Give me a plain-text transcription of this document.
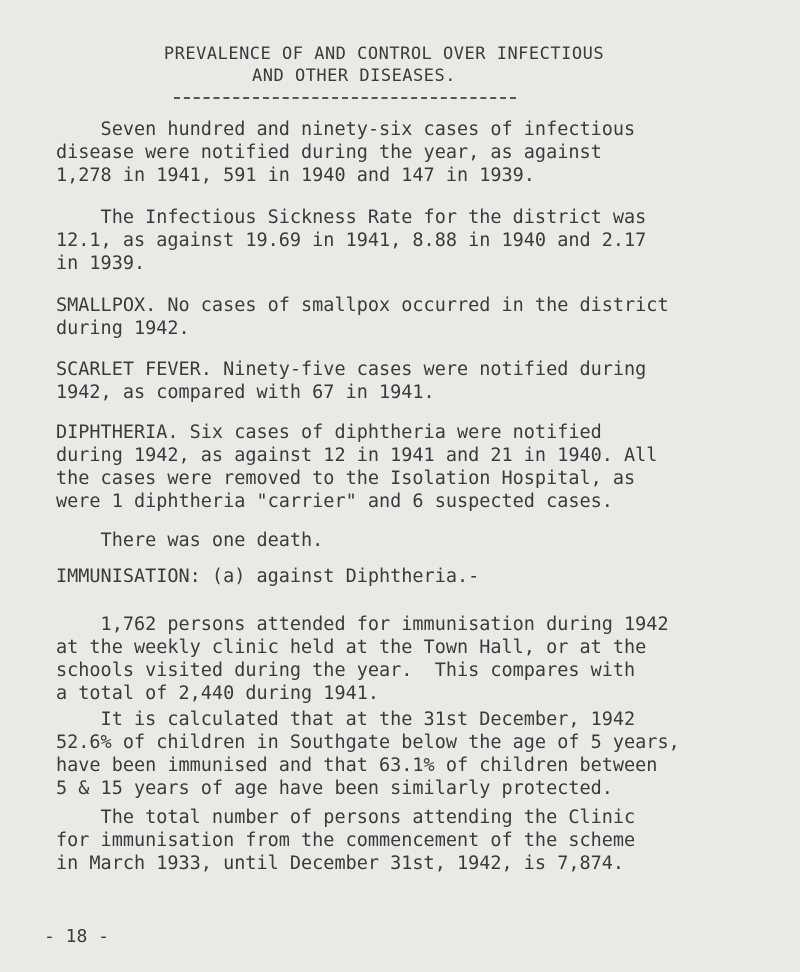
PREVALENCE OF AND CONTROL OVER INFECTIOUS
AND OTHER DISEASES.

Seven hundred and ninety-six cases of infectious
disease were notified during the year, as against
1,278 in 1941, 591 in 1940 and 147 in 1939.

The Infectious Sickness Rate for the district was
12.1, as against 19.69 in 1941, 8.88 in 1940 and 2.17
in 1939.

SMALLPOX. No cases of smallpox occurred in the district
during 1942.

SCARLET FEVER. Ninety-five cases were notified during
1942, as compared with 67 in 1941.

DIPHTHERIA. Six cases of diphtheria were notified
during 1942, as against 12 in 1941 and 21 in 1940. All
the cases were removed to the Isolation Hospital, as
were 1 diphtheria "carrier" and 6 suspected cases.

There was one death.

IMMUNISATION: (a) against Diphtheria.-

1,762 persons attended for immunisation during 1942
at the weekly clinic held at the Town Hall, or at the
schools visited during the year.  This compares with
a total of 2,440 during 1941.

It is calculated that at the 31st December, 1942
52.6% of children in Southgate below the age of 5 years,
have been immunised and that 63.1% of children between
5 & 15 years of age have been similarly protected.

The total number of persons attending the Clinic
for immunisation from the commencement of the scheme
in March 1933, until December 31st, 1942, is 7,874.

- 18 -
